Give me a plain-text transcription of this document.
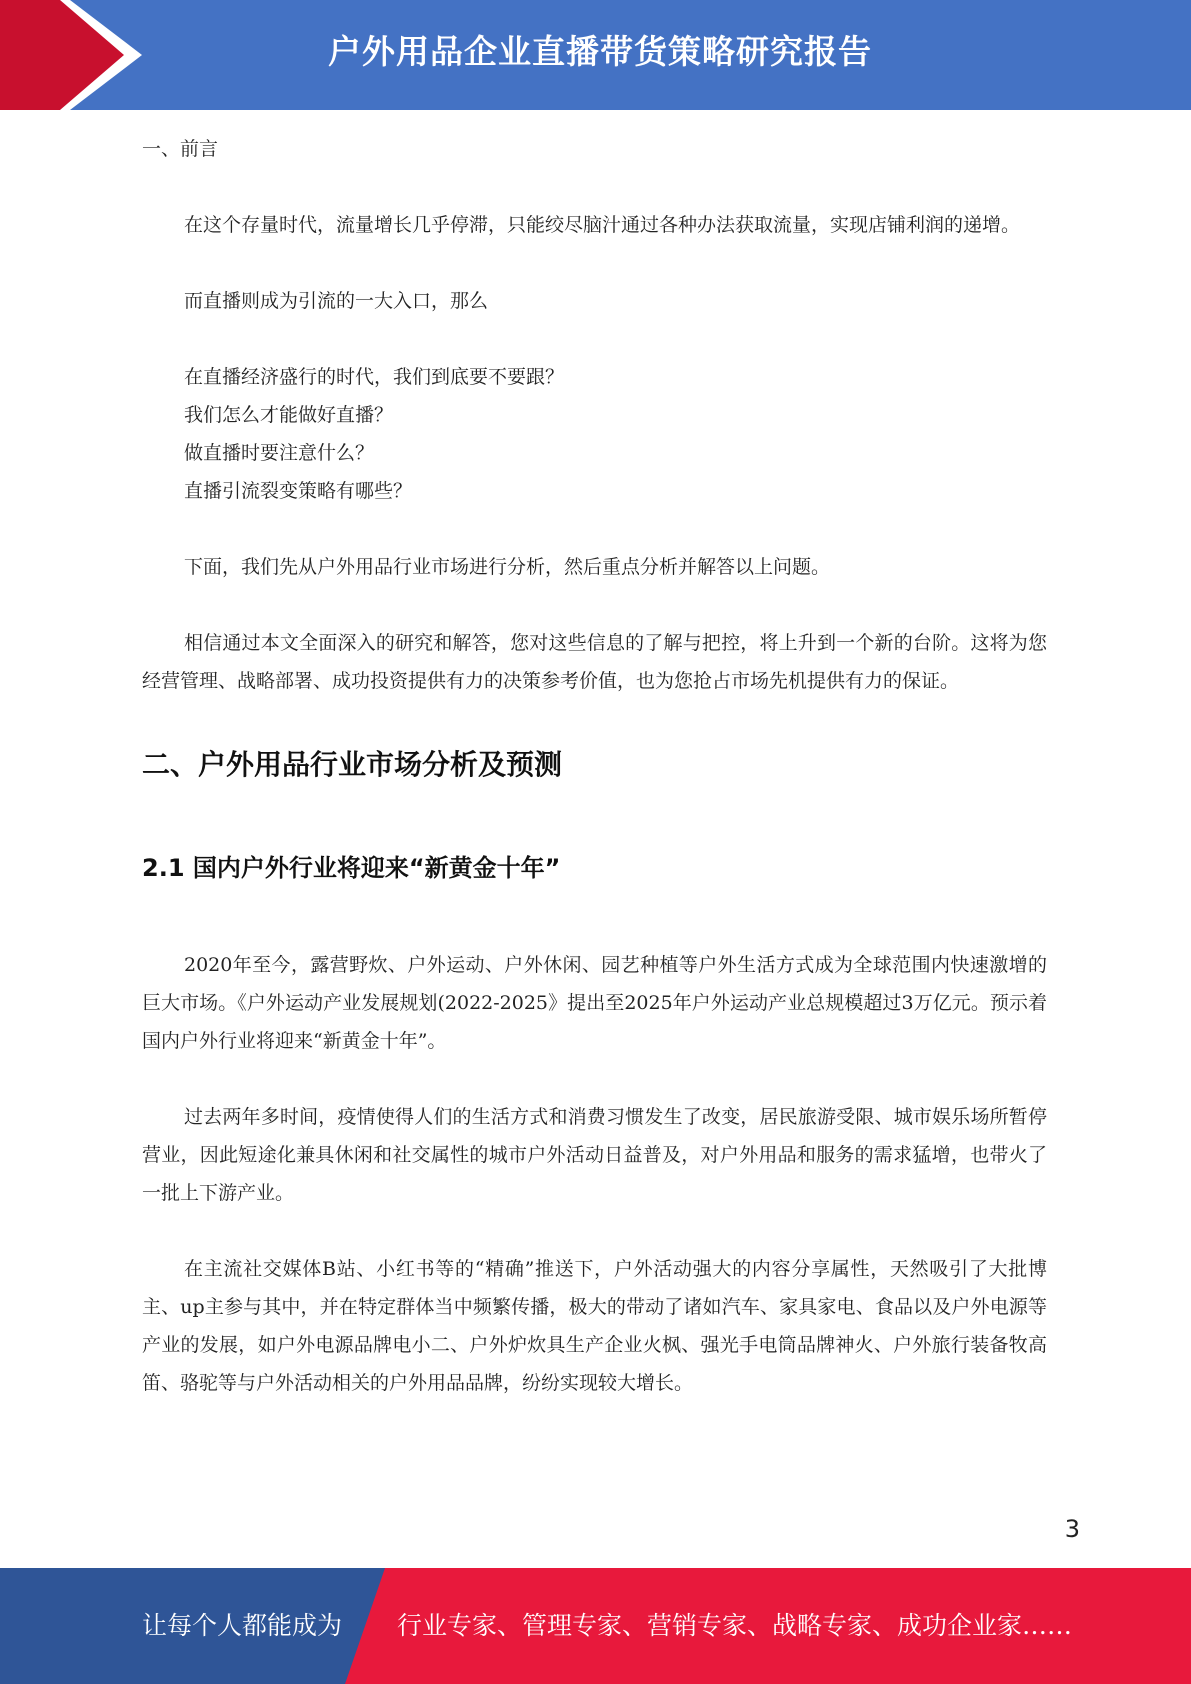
户外用品企业直播带货策略研究报告
一、前言

在这个存量时代，流量增长几乎停滞，只能绞尽脑汁通过各种办法获取流量，实现店铺利润的递增。

而直播则成为引流的一大入口，那么

在直播经济盛行的时代，我们到底要不要跟？

我们怎么才能做好直播？

做直播时要注意什么？

直播引流裂变策略有哪些？

下面，我们先从户外用品行业市场进行分析，然后重点分析并解答以上问题。

相信通过本文全面深入的研究和解答，您对这些信息的了解与把控，将上升到一个新的台阶。这将为您经营管理、战略部署、成功投资提供有力的决策参考价值，也为您抢占市场先机提供有力的保证。

二、户外用品行业市场分析及预测
2.1 国内户外行业将迎来“新黄金十年”

2020年至今，露营野炊、户外运动、户外休闲、园艺种植等户外生活方式成为全球范围内快速激增的巨大市场。《户外运动产业发展规划(2022-2025》提出至2025年户外运动产业总规模超过3万亿元。预示着国内户外行业将迎来“新黄金十年”。

过去两年多时间，疫情使得人们的生活方式和消费习惯发生了改变，居民旅游受限、城市娱乐场所暂停营业，因此短途化兼具休闲和社交属性的城市户外活动日益普及，对户外用品和服务的需求猛增，也带火了一批上下游产业。

在主流社交媒体B站、小红书等的“精确”推送下，户外活动强大的内容分享属性，天然吸引了大批博主、up主参与其中，并在特定群体当中频繁传播，极大的带动了诸如汽车、家具家电、食品以及户外电源等产业的发展，如户外电源品牌电小二、户外炉炊具生产企业火枫、强光手电筒品牌神火、户外旅行装备牧高笛、骆驼等与户外活动相关的户外用品品牌，纷纷实现较大增长。

3
让每个人都能成为 行业专家、管理专家、营销专家、战略专家、成功企业家……
